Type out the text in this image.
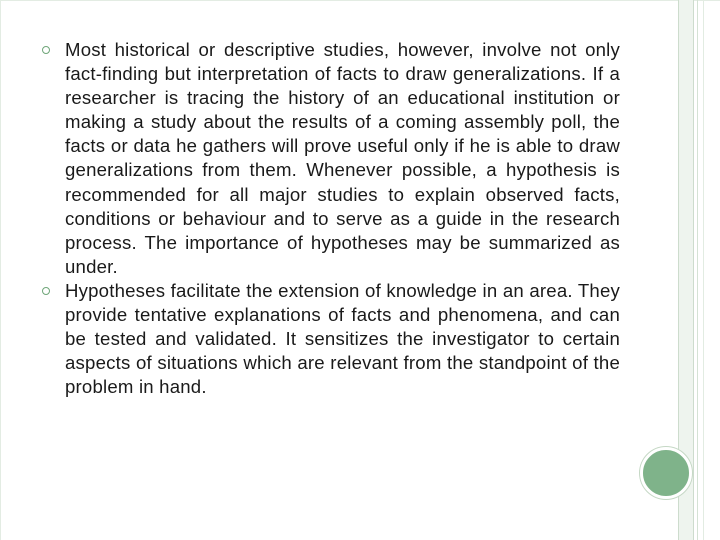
Most historical or descriptive studies, however, involve not only fact-finding but interpretation of facts to draw generalizations. If a researcher is tracing the history of an educational institution or making a study about the results of a coming assembly poll, the facts or data he gathers will prove useful only if he is able to draw generalizations from them. Whenever possible, a hypothesis is recommended for all major studies to explain observed facts, conditions or behaviour and to serve as a guide in the research process. The importance of hypotheses may be summarized as under.
Hypotheses facilitate the extension of knowledge in an area. They provide tentative explanations of facts and phenomena, and can be tested and validated. It sensitizes the investigator to certain aspects of situations which are relevant from the standpoint of the problem in hand.
